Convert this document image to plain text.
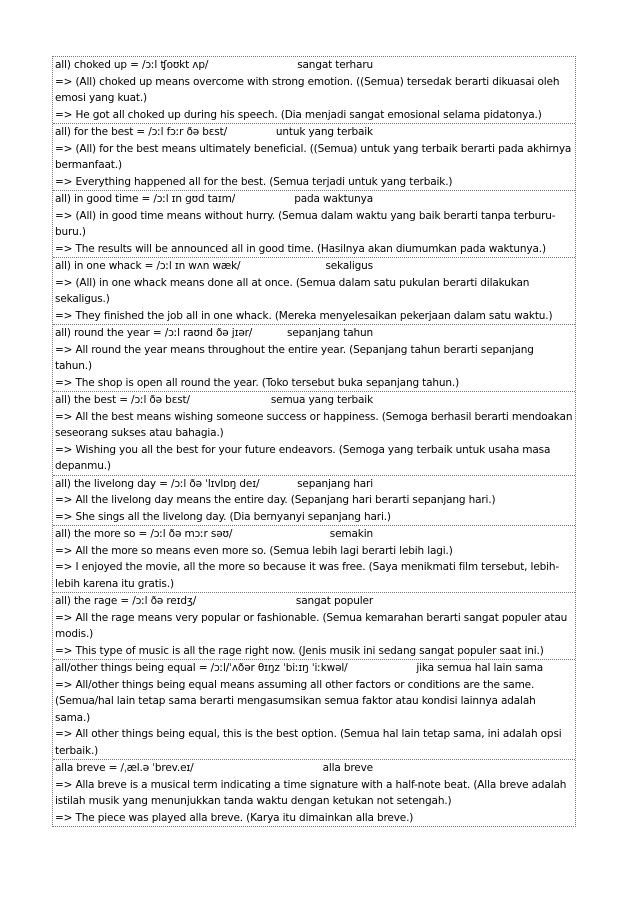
all) choked up = /ɔːl ʧoʊkt ʌp/	sangat terharu
=> (All) choked up means overcome with strong emotion. ((Semua) tersedak berarti dikuasai oleh emosi yang kuat.)
=> He got all choked up during his speech. (Dia menjadi sangat emosional selama pidatonya.)
all) for the best = /ɔːl fɔːr ðə bɛst/	untuk yang terbaik
=> (All) for the best means ultimately beneficial. ((Semua) untuk yang terbaik berarti pada akhirnya bermanfaat.)
=> Everything happened all for the best. (Semua terjadi untuk yang terbaik.)
all) in good time = /ɔːl ɪn gʊd taɪm/	pada waktunya
=> (All) in good time means without hurry. (Semua dalam waktu yang baik berarti tanpa terburu-buru.)
=> The results will be announced all in good time. (Hasilnya akan diumumkan pada waktunya.)
all) in one whack = /ɔːl ɪn wʌn wæk/	sekaligus
=> (All) in one whack means done all at once. (Semua dalam satu pukulan berarti dilakukan sekaligus.)
=> They finished the job all in one whack. (Mereka menyelesaikan pekerjaan dalam satu waktu.)
all) round the year = /ɔːl raʊnd ðə jɪər/	sepanjang tahun
=> All round the year means throughout the entire year. (Sepanjang tahun berarti sepanjang tahun.)
=> The shop is open all round the year. (Toko tersebut buka sepanjang tahun.)
all) the best = /ɔːl ðə bɛst/	semua yang terbaik
=> All the best means wishing someone success or happiness. (Semoga berhasil berarti mendoakan seseorang sukses atau bahagia.)
=> Wishing you all the best for your future endeavors. (Semoga yang terbaik untuk usaha masa depanmu.)
all) the livelong day = /ɔːl ðə ˈlɪvlɒŋ deɪ/	sepanjang hari
=> All the livelong day means the entire day. (Sepanjang hari berarti sepanjang hari.)
=> She sings all the livelong day. (Dia bernyanyi sepanjang hari.)
all) the more so = /ɔːl ðə mɔːr səʊ/	semakin
=> All the more so means even more so. (Semua lebih lagi berarti lebih lagi.)
=> I enjoyed the movie, all the more so because it was free. (Saya menikmati film tersebut, lebih-lebih karena itu gratis.)
all) the rage = /ɔːl ðə reɪdʒ/	sangat populer
=> All the rage means very popular or fashionable. (Semua kemarahan berarti sangat populer atau modis.)
=> This type of music is all the rage right now. (Jenis musik ini sedang sangat populer saat ini.)
all/other things being equal = /ɔːl/ˈʌðər θɪŋz ˈbiːɪŋ ˈiːkwəl/	jika semua hal lain sama
=> All/other things being equal means assuming all other factors or conditions are the same. (Semua/hal lain tetap sama berarti mengasumsikan semua faktor atau kondisi lainnya adalah sama.)
=> All other things being equal, this is the best option. (Semua hal lain tetap sama, ini adalah opsi terbaik.)
alla breve = /ˌæl.ə ˈbrev.eɪ/	alla breve
=> Alla breve is a musical term indicating a time signature with a half-note beat. (Alla breve adalah istilah musik yang menunjukkan tanda waktu dengan ketukan not setengah.)
=> The piece was played alla breve. (Karya itu dimainkan alla breve.)
